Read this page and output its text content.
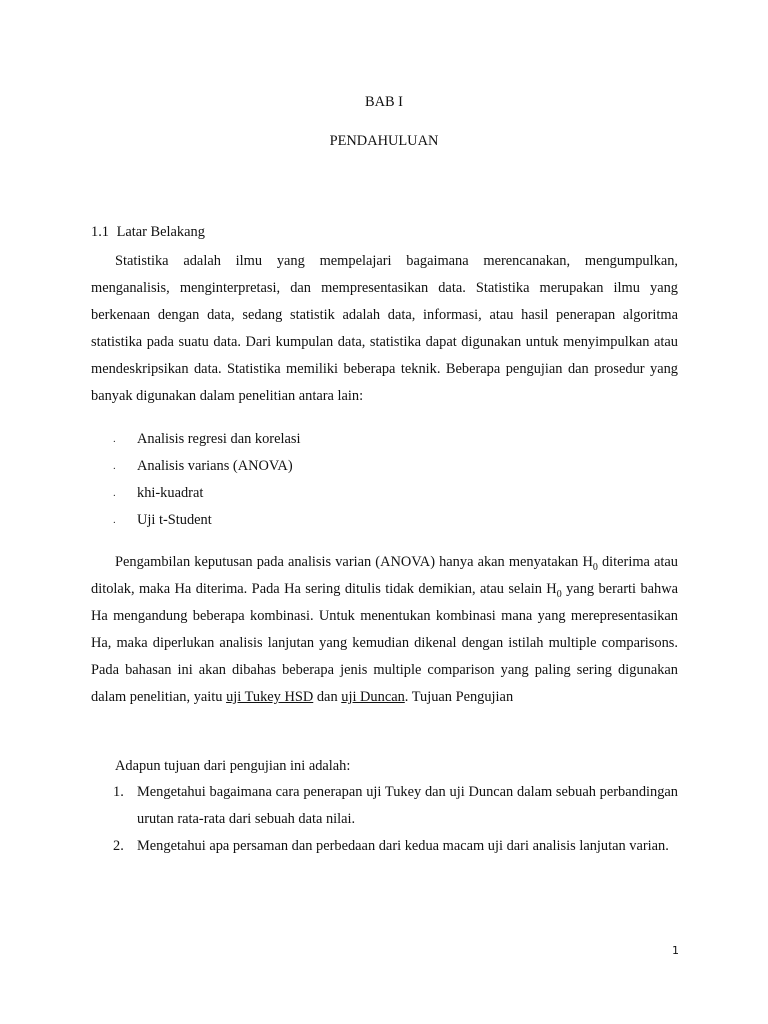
BAB I
PENDAHULUAN
1.1 Latar Belakang

Statistika adalah ilmu yang mempelajari bagaimana merencanakan, mengumpulkan, menganalisis, menginterpretasi, dan mempresentasikan data. Statistika merupakan ilmu yang berkenaan dengan data, sedang statistik adalah data, informasi, atau hasil penerapan algoritma statistika pada suatu data. Dari kumpulan data, statistika dapat digunakan untuk menyimpulkan atau mendeskripsikan data. Statistika memiliki beberapa teknik. Beberapa pengujian dan prosedur yang banyak digunakan dalam penelitian antara lain:

. Analisis regresi dan korelasi
. Analisis varians (ANOVA)
. khi-kuadrat
. Uji t-Student

Pengambilan keputusan pada analisis varian (ANOVA) hanya akan menyatakan $H_0$ diterima atau ditolak, maka Ha diterima. Pada Ha sering ditulis tidak demikian, atau selain $H_0$ yang berarti bahwa Ha mengandung beberapa kombinasi. Untuk menentukan kombinasi mana yang merepresentasikan Ha, maka diperlukan analisis lanjutan yang kemudian dikenal dengan istilah multiple comparisons. Pada bahasan ini akan dibahas beberapa jenis multiple comparison yang paling sering digunakan dalam penelitian, yaitu uji Tukey HSD dan uji Duncan. Tujuan Pengujian

Adapun tujuan dari pengujian ini adalah:

1. Mengetahui bagaimana cara penerapan uji Tukey dan uji Duncan dalam sebuah perbandingan urutan rata-rata dari sebuah data nilai.
2. Mengetahui apa persaman dan perbedaan dari kedua macam uji dari analisis lanjutan varian.

1
